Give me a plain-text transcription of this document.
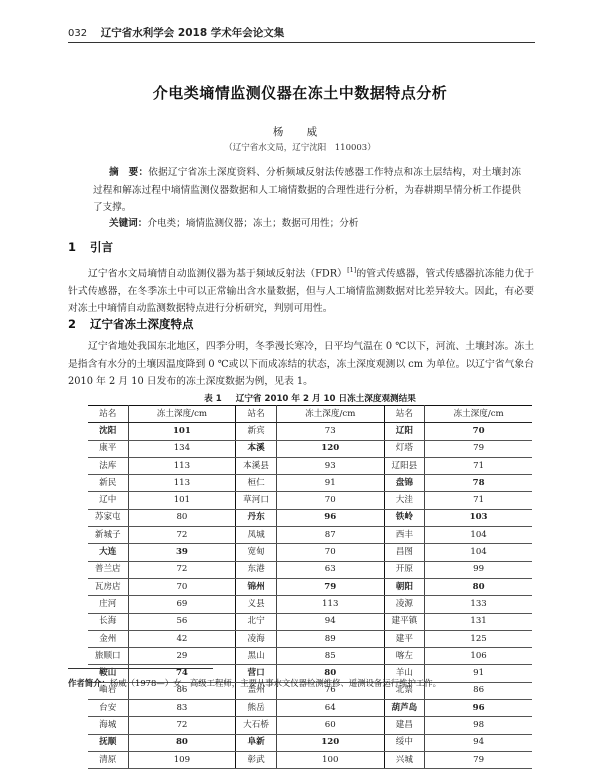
032 辽宁省水利学会 2018 学术年会论文集
介电类墒情监测仪器在冻土中数据特点分析
杨 威
（辽宁省水文局，辽宁沈阳　110003）
摘　要：依据辽宁省冻土深度资料、分析频域反射法传感器工作特点和冻土层结构，对土壤封冻过程和解冻过程中墒情监测仪器数据和人工墒情数据的合理性进行分析，为春耕期旱情分析工作提供了支撑。
关键词：介电类；墒情监测仪器；冻土；数据可用性；分析
1 引言
辽宁省水文局墒情自动监测仪器为基于频域反射法（FDR）[1]的管式传感器，管式传感器抗冻能力优于针式传感器，在冬季冻土中可以正常输出含水量数据，但与人工墒情监测数据对比差异较大。因此，有必要对冻土中墒情自动监测数据特点进行分析研究，判别可用性。
2 辽宁省冻土深度特点
辽宁省地处我国东北地区，四季分明，冬季漫长寒冷，日平均气温在 0 ℃以下，河流、土壤封冻。冻土是指含有水分的土壤因温度降到 0 ℃或以下而成冻结的状态，冻土深度观测以 cm 为单位。以辽宁省气象台 2010 年 2 月 10 日发布的冻土深度数据为例，见表 1。
表 1 辽宁省 2010 年 2 月 10 日冻土深度观测结果
站名	冻土深度/cm	站名	冻土深度/cm	站名	冻土深度/cm
沈阳	101	新宾	73	辽阳	70
康平	134	本溪	120	灯塔	79
法库	113	本溪县	93	辽阳县	71
新民	113	桓仁	91	盘锦	78
辽中	101	草河口	70	大洼	71
苏家屯	80	丹东	96	铁岭	103
新城子	72	凤城	87	西丰	104
大连	39	宽甸	70	昌图	104
普兰店	72	东港	63	开原	99
瓦房店	70	锦州	79	朝阳	80
庄河	69	义县	113	凌源	133
长海	56	北宁	94	建平镇	131
金州	42	凌海	89	建平	125
旅顺口	29	黑山	85	喀左	106
鞍山	74	营口	80	羊山	91
岫岩	86	盖州	76	北票	86
台安	83	熊岳	64	葫芦岛	96
海城	72	大石桥	60	建昌	98
抚顺	80	阜新	120	绥中	94
清原	109	彰武	100	兴城	79
作者简介：杨威（1978—）女，高级工程师，主要从事水文仪器检测维修、遥测设备运行维护工作。
